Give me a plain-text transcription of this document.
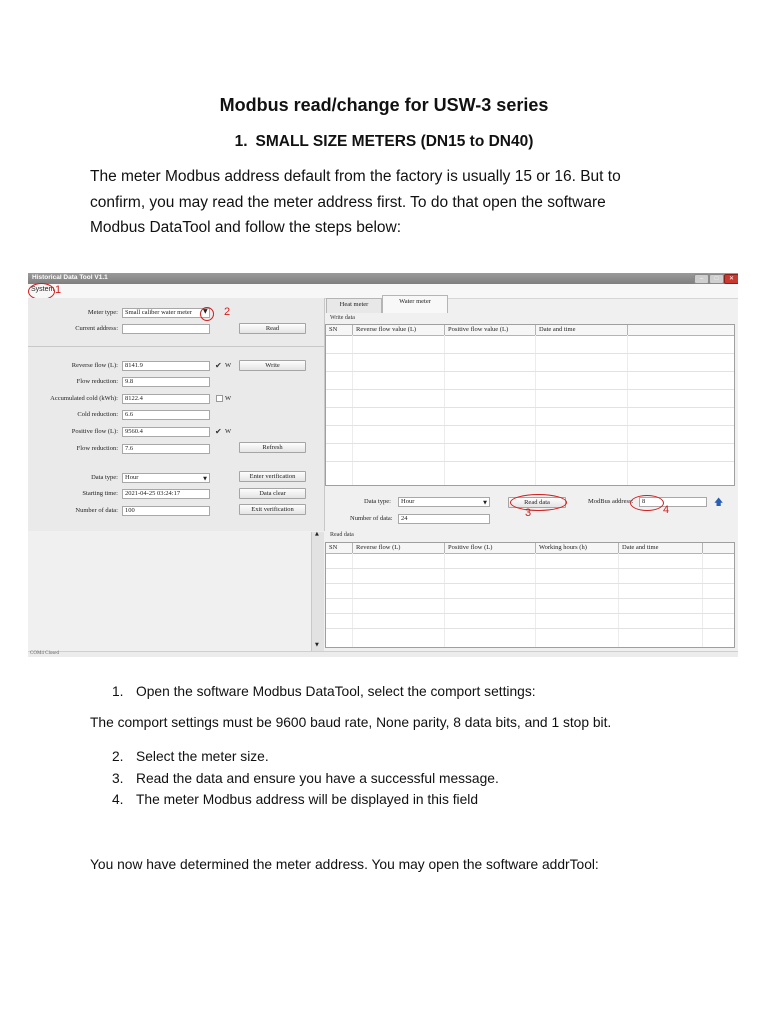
Modbus read/change for USW-3 series
1. SMALL SIZE METERS (DN15 to DN40)

The meter Modbus address default from the factory is usually 15 or 16. But to

confirm, you may read the meter address first. To do that open the software

Modbus DataTool and follow the steps below:

Historical Data Tool V1.1	–	□	✕
System 1
Meter type:	Small caliber water meter	▼ 2
Current address:	Read
Reverse flow (L):	8141.9	✔ W	Write
Flow reduction:	9.8
Accumulated cold (kWh):	8122.4	W
Cold reduction:	6.6
Positive flow (L):	9560.4	✔ W
Flow reduction:	7.6	Refresh
Data type:	Hour	▼	Enter verification
Starting time:	2021-04-25 03:24:17	Data clear
Number of data:	100	Exit verification
▲
▼
Heat meter	Water meter
Write data
SN	Reverse flow value (L)	Positive flow value (L)	Date and time
Data type:	Hour	▼	Read data
3
ModBus address:	8
4
🡅
Number of data:	24
Read data
SN	Reverse flow (L)	Positive flow (L)	Working hours (h)	Date and time
COM4 Closed
1. Open the software Modbus DataTool, select the comport settings:
The comport settings must be 9600 baud rate, None parity, 8 data bits, and 1 stop bit.
2. Select the meter size.
3. Read the data and ensure you have a successful message.
4. The meter Modbus address will be displayed in this field
You now have determined the meter address. You may open the software addrTool:
